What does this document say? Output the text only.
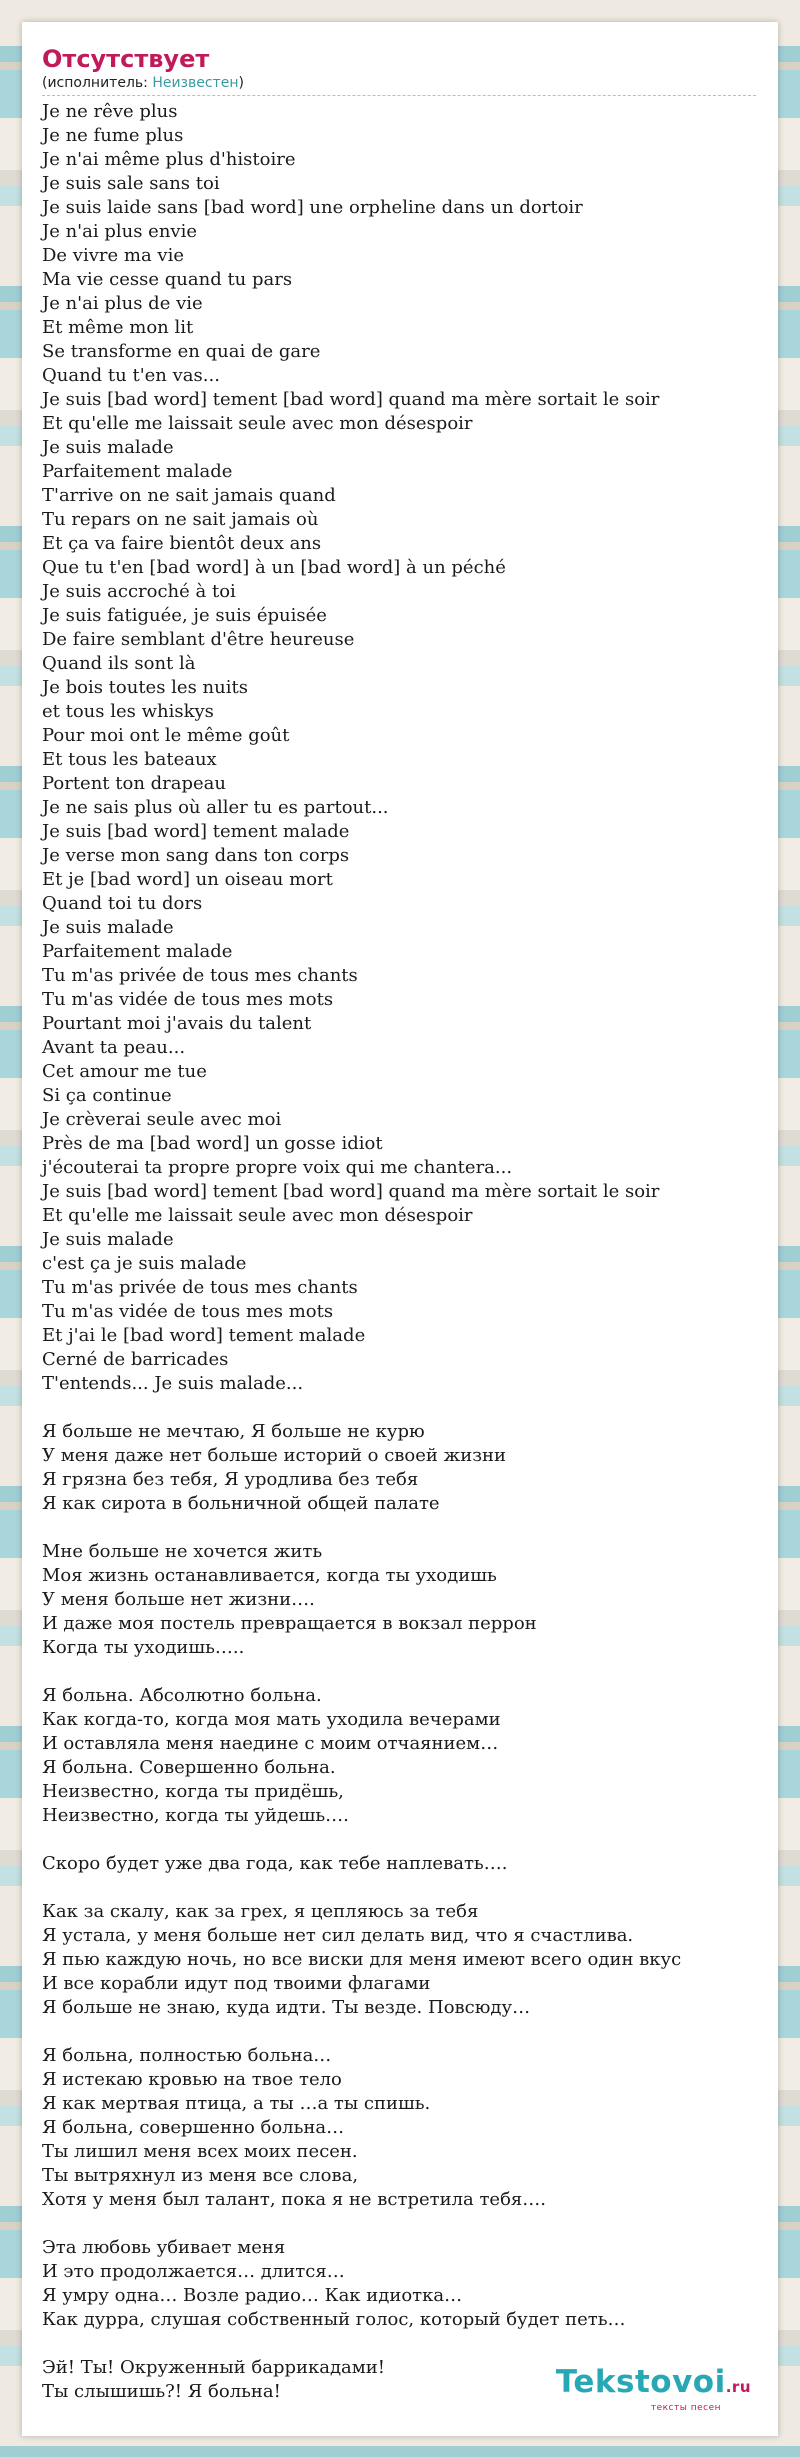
Отсутствует
(исполнитель: Неизвестен)
Je ne rêve plus
Je ne fume plus
Je n'ai même plus d'histoire
Je suis sale sans toi
Je suis laide sans [bad word] une orpheline dans un dortoir
Je n'ai plus envie
De vivre ma vie
Ma vie cesse quand tu pars
Je n'ai plus de vie
Et même mon lit
Se transforme en quai de gare
Quand tu t'en vas...
Je suis [bad word] tement [bad word] quand ma mère sortait le soir
Et qu'elle me laissait seule avec mon désespoir
Je suis malade
Parfaitement malade
T'arrive on ne sait jamais quand
Tu repars on ne sait jamais où
Et ça va faire bientôt deux ans
Que tu t'en [bad word] à un [bad word] à un péché
Je suis accroché à toi
Je suis fatiguée, je suis épuisée
De faire semblant d'être heureuse
Quand ils sont là
Je bois toutes les nuits
et tous les whiskys
Pour moi ont le même goût
Et tous les bateaux
Portent ton drapeau
Je ne sais plus où aller tu es partout...
Je suis [bad word] tement malade
Je verse mon sang dans ton corps
Et je [bad word] un oiseau mort
Quand toi tu dors
Je suis malade
Parfaitement malade
Tu m'as privée de tous mes chants
Tu m'as vidée de tous mes mots
Pourtant moi j'avais du talent
Avant ta peau...
Cet amour me tue
Si ça continue
Je crèverai seule avec moi
Près de ma [bad word] un gosse idiot
j'écouterai ta propre propre voix qui me chantera...
Je suis [bad word] tement [bad word] quand ma mère sortait le soir
Et qu'elle me laissait seule avec mon désespoir
Je suis malade
c'est ça je suis malade
Tu m'as privée de tous mes chants
Tu m'as vidée de tous mes mots
Et j'ai le [bad word] tement malade
Cerné de barricades
T'entends... Je suis malade...
Я больше не мечтаю, Я больше не курю
У меня даже нет больше историй о своей жизни
Я грязна без тебя, Я уродлива без тебя
Я как сирота в больничной общей палате
Мне больше не хочется жить
Моя жизнь останавливается, когда ты уходишь
У меня больше нет жизни….
И даже моя постель превращается в вокзал перрон
Когда ты уходишь…..
Я больна. Абсолютно больна.
Как когда-то, когда моя мать уходила вечерами
И оставляла меня наедине с моим отчаянием…
Я больна. Совершенно больна.
Неизвестно, когда ты придёшь,
Неизвестно, когда ты уйдешь….
Скоро будет уже два года, как тебе наплевать….
Как за скалу, как за грех, я цепляюсь за тебя
Я устала, у меня больше нет сил делать вид, что я счастлива.
Я пью каждую ночь, но все виски для меня имеют всего один вкус
И все корабли идут под твоими флагами
Я больше не знаю, куда идти. Ты везде. Повсюду…
Я больна, полностью больна…
Я истекаю кровью на твое тело
Я как мертвая птица, а ты …а ты спишь.
Я больна, совершенно больна…
Ты лишил меня всех моих песен.
Ты вытряхнул из меня все слова,
Хотя у меня был талант, пока я не встретила тебя….
Эта любовь убивает меня
И это продолжается… длится…
Я умру одна… Возле радио… Как идиотка…
Как дурра, слушая собственный голос, который будет петь…
Эй! Ты! Окруженный баррикадами!
Ты слышишь?! Я больна!	Tekstovoi.ru
тексты песен
